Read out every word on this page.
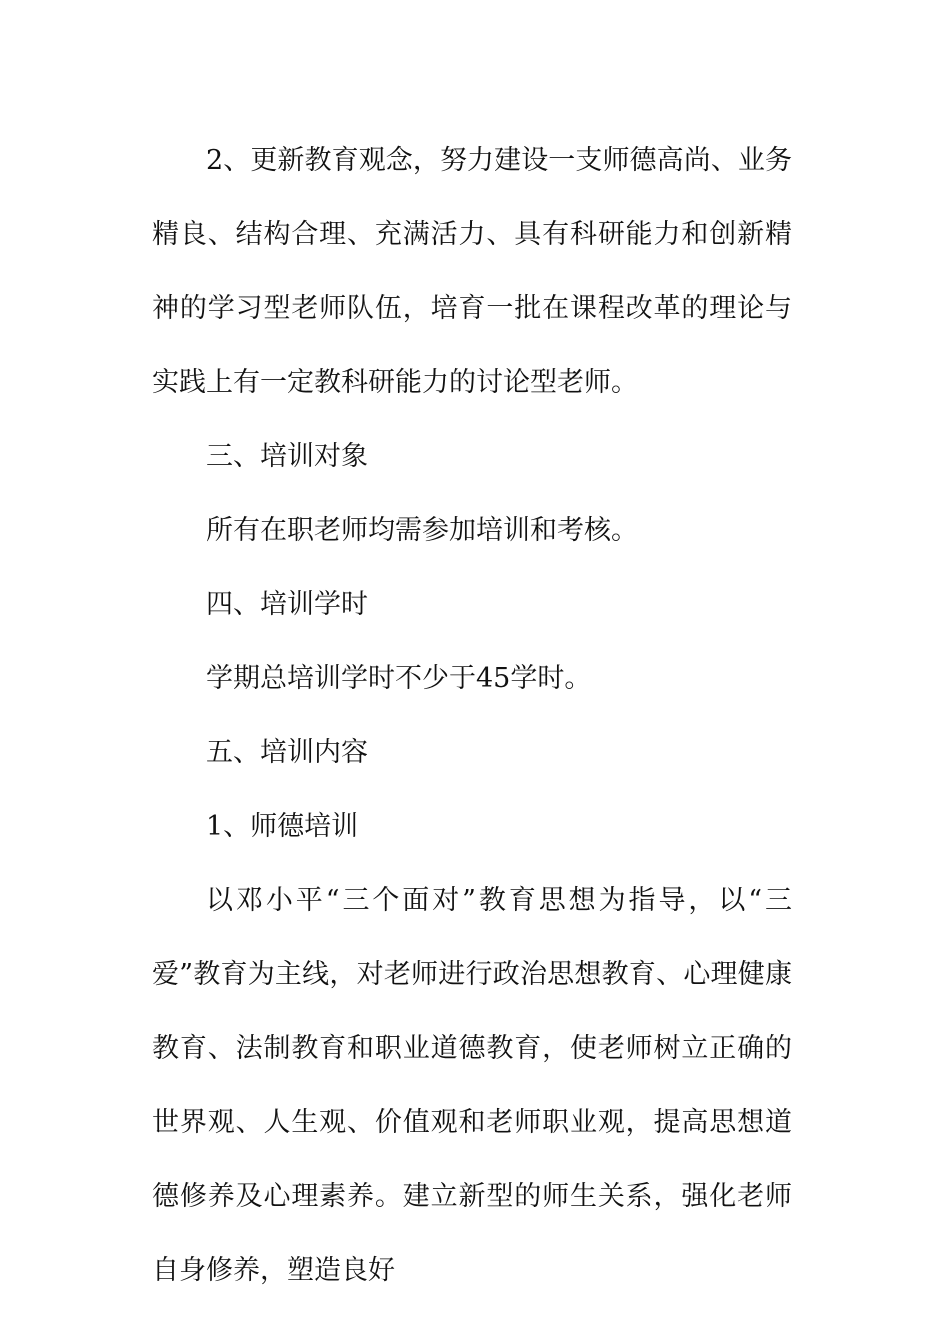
2、更新教育观念，努力建设一支师德高尚、业务精良、结构合理、充满活力、具有科研能力和创新精神的学习型老师队伍，培育一批在课程改革的理论与实践上有一定教科研能力的讨论型老师。

三、培训对象

所有在职老师均需参加培训和考核。

四、培训学时

学期总培训学时不少于45学时。

五、培训内容

1、师德培训

以邓小平“三个面对”教育思想为指导，以“三爱”教育为主线，对老师进行政治思想教育、心理健康教育、法制教育和职业道德教育，使老师树立正确的世界观、人生观、价值观和老师职业观，提高思想道德修养及心理素养。建立新型的师生关系，强化老师自身修养，塑造良好
